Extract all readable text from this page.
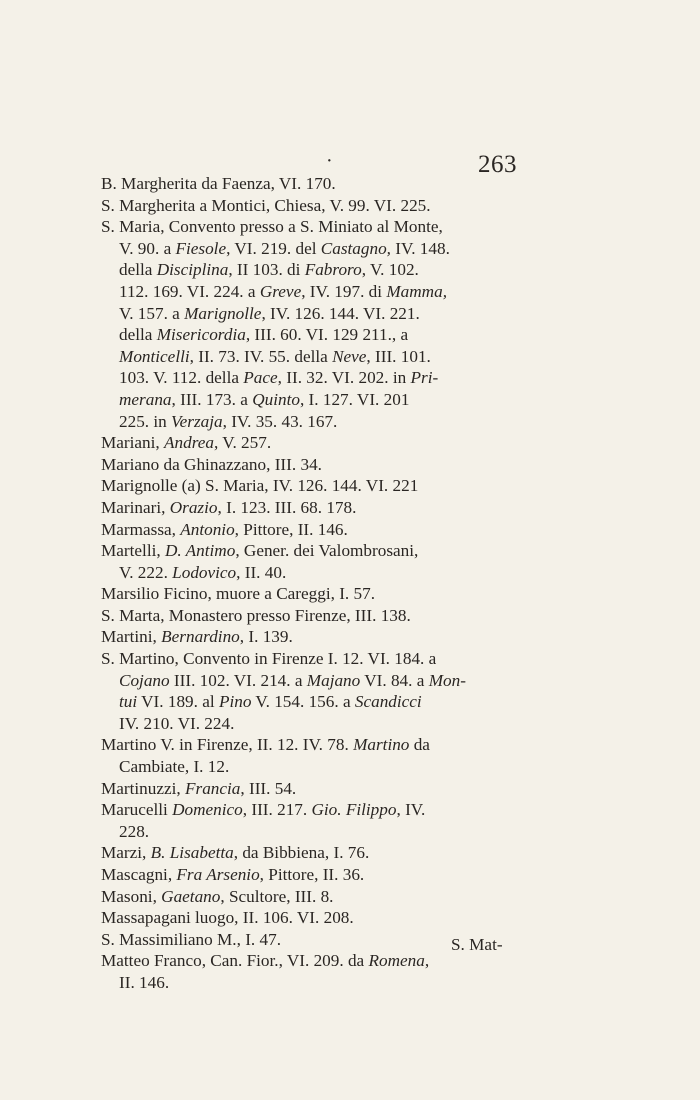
·	263
B. Margherita da Faenza, VI. 170.
S. Margherita a Montici, Chiesa, V. 99. VI. 225.
S. Maria, Convento presso a S. Miniato al Monte,
V. 90. a Fiesole, VI. 219. del Castagno, IV. 148.
della Disciplina, II 103. di Fabroro, V. 102.
112. 169. VI. 224. a Greve, IV. 197. di Mamma,
V. 157. a Marignolle, IV. 126. 144. VI. 221.
della Misericordia, III. 60. VI. 129 211., a
Monticelli, II. 73. IV. 55. della Neve, III. 101.
103. V. 112. della Pace, II. 32. VI. 202. in Pri-
merana, III. 173. a Quinto, I. 127. VI. 201
225. in Verzaja, IV. 35. 43. 167.
Mariani, Andrea, V. 257.
Mariano da Ghinazzano, III. 34.
Marignolle (a) S. Maria, IV. 126. 144. VI. 221
Marinari, Orazio, I. 123. III. 68. 178.
Marmassa, Antonio, Pittore, II. 146.
Martelli, D. Antimo, Gener. dei Valombrosani,
V. 222. Lodovico, II. 40.
Marsilio Ficino, muore a Careggi, I. 57.
S. Marta, Monastero presso Firenze, III. 138.
Martini, Bernardino, I. 139.
S. Martino, Convento in Firenze I. 12. VI. 184. a
Cojano III. 102. VI. 214. a Majano VI. 84. a Mon-
tui VI. 189. al Pino V. 154. 156. a Scandicci
IV. 210. VI. 224.
Martino V. in Firenze, II. 12. IV. 78. Martino da
Cambiate, I. 12.
Martinuzzi, Francia, III. 54.
Marucelli Domenico, III. 217. Gio. Filippo, IV.
228.
Marzi, B. Lisabetta, da Bibbiena, I. 76.
Mascagni, Fra Arsenio, Pittore, II. 36.
Masoni, Gaetano, Scultore, III. 8.
Massapagani luogo, II. 106. VI. 208.
S. Massimiliano M., I. 47.
Matteo Franco, Can. Fior., VI. 209. da Romena,
II. 146.
S. Mat-
